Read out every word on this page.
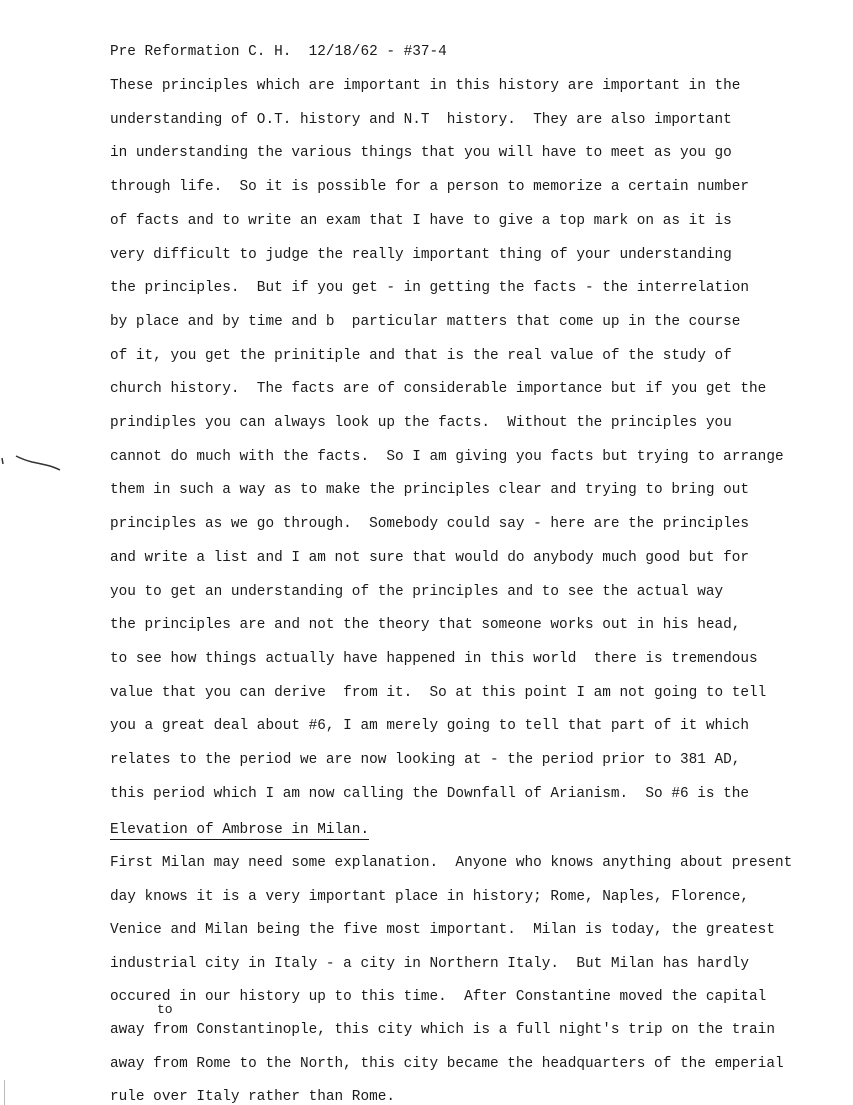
Pre Reformation C. H.  12/18/62 - #37-4
These principles which are important in this history are important in the
understanding of O.T. history and N.T  history.  They are also important
in understanding the various things that you will have to meet as you go
through life.  So it is possible for a person to memorize a certain number
of facts and to write an exam that I have to give a top mark on as it is
very difficult to judge the really important thing of your understanding
the principles.  But if you get - in getting the facts - the interrelation
by place and by time and b  particular matters that come up in the course
of it, you get the prinitiple and that is the real value of the study of
church history.  The facts are of considerable importance but if you get the
prindiples you can always look up the facts.  Without the principles you
cannot do much with the facts.  So I am giving you facts but trying to arrange
them in such a way as to make the principles clear and trying to bring out
principles as we go through.  Somebody could say - here are the principles
and write a list and I am not sure that would do anybody much good but for
you to get an understanding of the principles and to see the actual way
the principles are and not the theory that someone works out in his head,
to see how things actually have happened in this world  there is tremendous
value that you can derive  from it.  So at this point I am not going to tell
you a great deal about #6, I am merely going to tell that part of it which
relates to the period we are now looking at - the period prior to 381 AD,
this period which I am now calling the Downfall of Arianism.  So #6 is the
Elevation of Ambrose in Milan.
First Milan may need some explanation.  Anyone who knows anything about present
day knows it is a very important place in history; Rome, Naples, Florence,
Venice and Milan being the five most important.  Milan is today, the greatest
industrial city in Italy - a city in Northern Italy.  But Milan has hardly
occured in our history up to this time.  After Constantine moved the capital
away from Constantinople, this city which is a full night's trip on the train
away from Rome to the North, this city became the headquarters of the emperial
rule over Italy rather than Rome.
to
